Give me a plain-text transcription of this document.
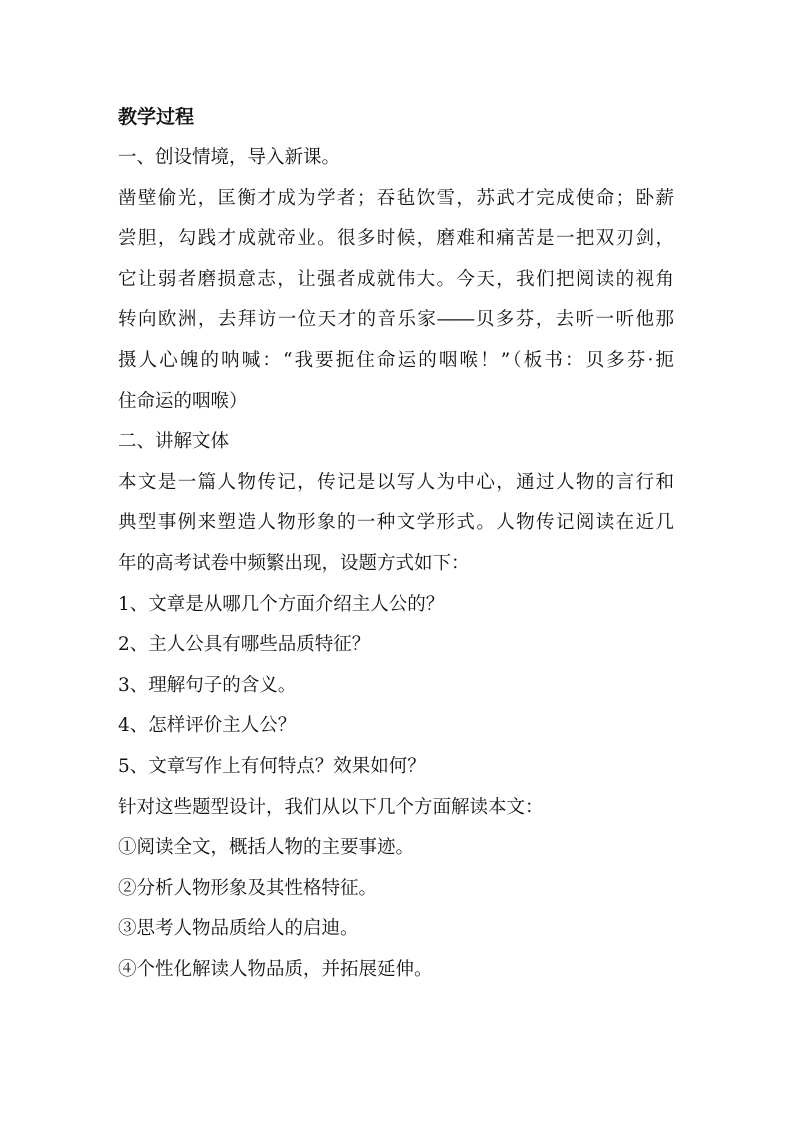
教学过程

一、创设情境，导入新课。

凿壁偷光，匡衡才成为学者；吞毡饮雪，苏武才完成使命；卧薪

尝胆，勾践才成就帝业。很多时候，磨难和痛苦是一把双刃剑，

它让弱者磨损意志，让强者成就伟大。今天，我们把阅读的视角

转向欧洲，去拜访一位天才的音乐家――贝多芬，去听一听他那

摄人心魄的呐喊：“我要扼住命运的咽喉！”（板书：贝多芬·扼

住命运的咽喉）

二、讲解文体

本文是一篇人物传记，传记是以写人为中心，通过人物的言行和

典型事例来塑造人物形象的一种文学形式。人物传记阅读在近几

年的高考试卷中频繁出现，设题方式如下：

1、文章是从哪几个方面介绍主人公的？

2、主人公具有哪些品质特征？

3、理解句子的含义。

4、怎样评价主人公？

5、文章写作上有何特点？效果如何？

针对这些题型设计，我们从以下几个方面解读本文：

①阅读全文，概括人物的主要事迹。

②分析人物形象及其性格特征。

③思考人物品质给人的启迪。

④个性化解读人物品质，并拓展延伸。
